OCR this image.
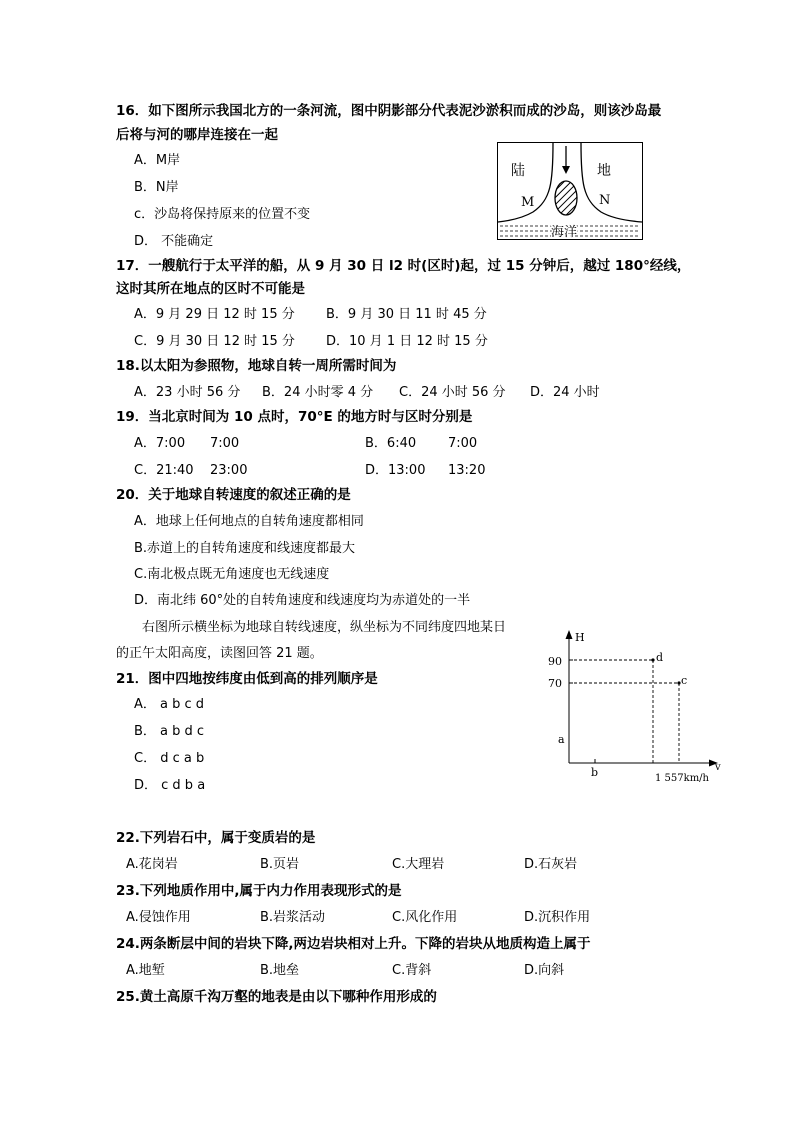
16．如下图所示我国北方的一条河流，图中阴影部分代表泥沙淤积而成的沙岛，则该沙岛最
后将与河的哪岸连接在一起
A．M岸
B．N岸
c．沙岛将保持原来的位置不变
D． 不能确定
陆	地
M	N
海洋
17．一艘航行于太平洋的船，从 9 月 30 日 l2 时(区时)起，过 15 分钟后，越过 180°经线，
这时其所在地点的区时不可能是
A．9 月 29 日 12 时 15 分 B．9 月 30 日 11 时 45 分
C．9 月 30 日 12 时 15 分 D．10 月 1 日 12 时 15 分
18.以太阳为参照物，地球自转一周所需时间为
A．23 小时 56 分 B．24 小时零 4 分 C．24 小时 56 分 D．24 小时
19．当北京时间为 10 点时，70°E 的地方时与区时分别是
A．7:00 7:00	B．6:40 7:00
C．21:40 23:00	D．13:00 13:20
20．关于地球自转速度的叙述正确的是
A．地球上任何地点的自转角速度都相同
B.赤道上的自转角速度和线速度都最大
C.南北极点既无角速度也无线速度
D．南北纬 60°处的自转角速度和线速度均为赤道处的一半
右图所示横坐标为地球自转线速度，纵坐标为不同纬度四地某日
的正午太阳高度，读图回答 21 题。
21．图中四地按纬度由低到高的排列顺序是
A． a b c d
B． a b d c
C． d c a b
D． c d b a
H
v
90
70
d
c
a
b	1 557km/h
22.下列岩石中，属于变质岩的是
A.花岗岩	B.页岩	C.大理岩	D.石灰岩
23.下列地质作用中,属于内力作用表现形式的是
A.侵蚀作用	B.岩浆活动	C.风化作用	D.沉积作用
24.两条断层中间的岩块下降,两边岩块相对上升。下降的岩块从地质构造上属于
A.地堑	B.地垒	C.背斜	D.向斜
25.黄土高原千沟万壑的地表是由以下哪种作用形成的
